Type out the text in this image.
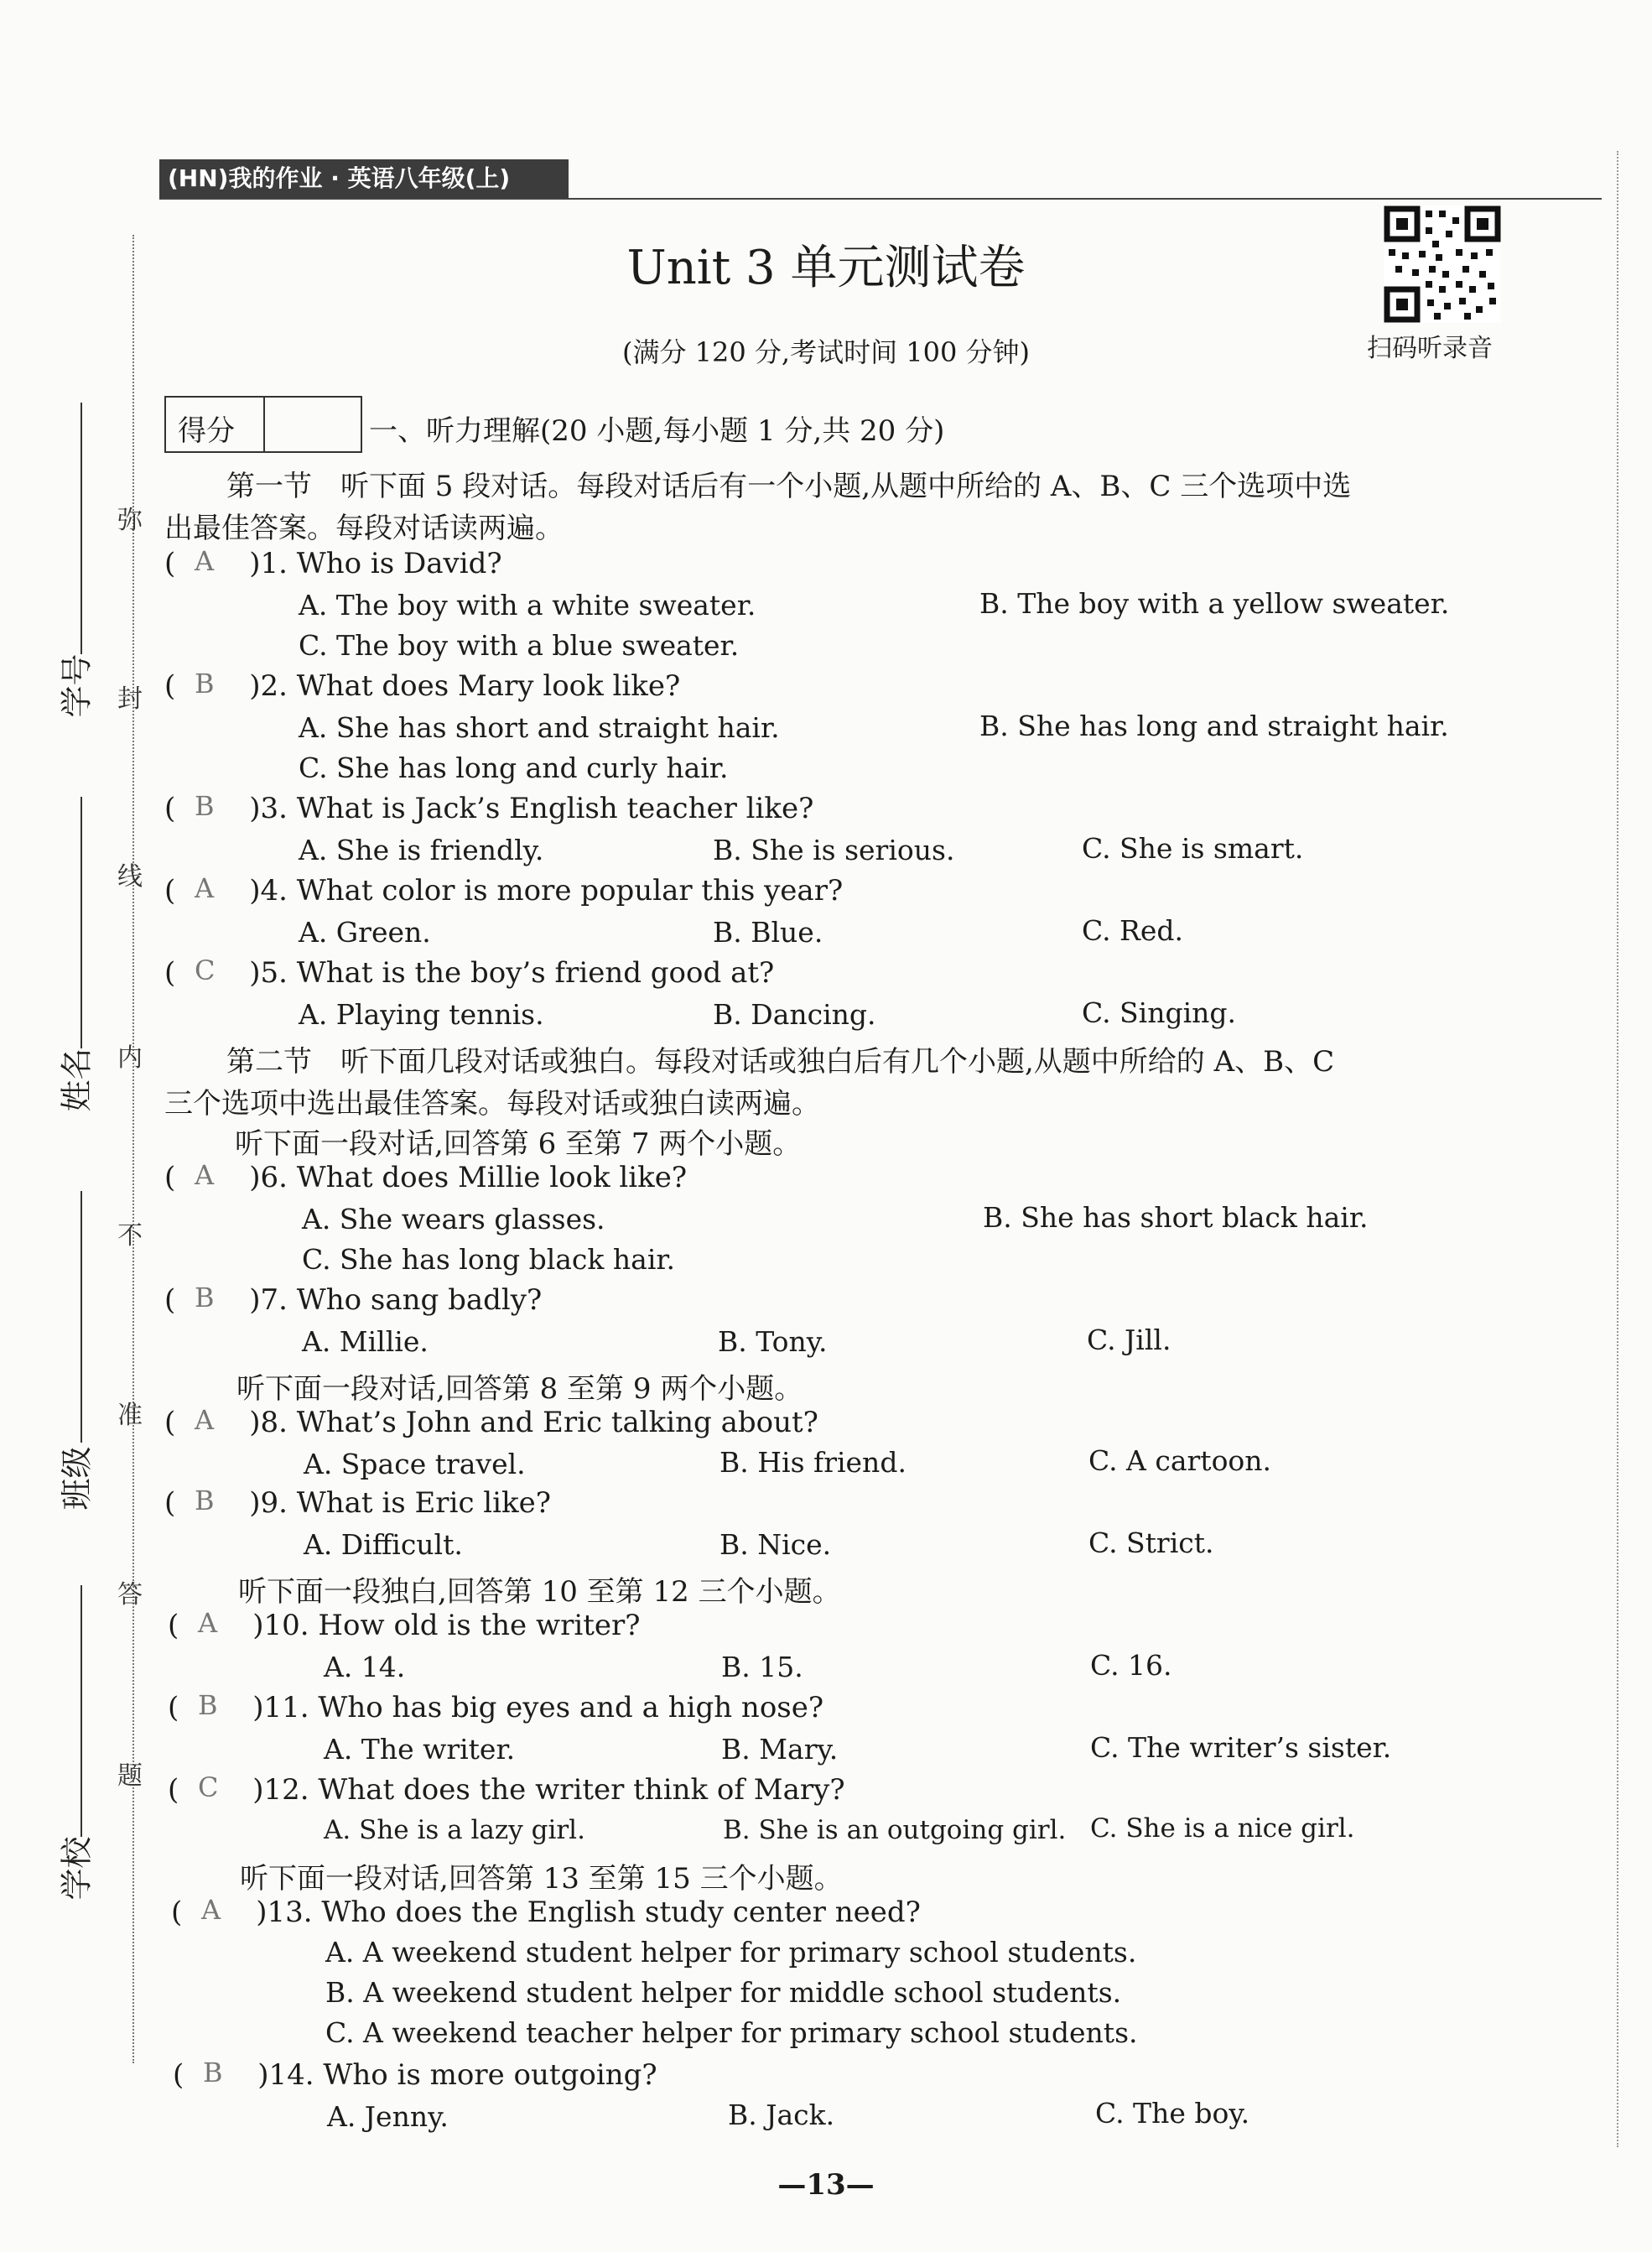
(HN)我的作业 · 英语八年级(上)
弥
封
线
内
不
准
答
题
学号
姓名
班级
学校
Unit 3 单元测试卷
(满分 120 分,考试时间 100 分钟)	扫码听录音
得分	一、听力理解(20 小题,每小题 1 分,共 20 分)
第一节　听下面 5 段对话。每段对话后有一个小题,从题中所给的 A、B、C 三个选项中选
出最佳答案。每段对话读两遍。
( A )1. Who is David?
A. The boy with a white sweater.	B. The boy with a yellow sweater.
C. The boy with a blue sweater.
( B )2. What does Mary look like?
A. She has short and straight hair.	B. She has long and straight hair.
C. She has long and curly hair.
( B )3. What is Jack’s English teacher like?
A. She is friendly.	B. She is serious.	C. She is smart.
( A )4. What color is more popular this year?
A. Green.	B. Blue.	C. Red.
( C )5. What is the boy’s friend good at?
A. Playing tennis.	B. Dancing.	C. Singing.
第二节　听下面几段对话或独白。每段对话或独白后有几个小题,从题中所给的 A、B、C
三个选项中选出最佳答案。每段对话或独白读两遍。
听下面一段对话,回答第 6 至第 7 两个小题。
( A )6. What does Millie look like?
A. She wears glasses.	B. She has short black hair.
C. She has long black hair.
( B )7. Who sang badly?
A. Millie.	B. Tony.	C. Jill.
听下面一段对话,回答第 8 至第 9 两个小题。
( A )8. What’s John and Eric talking about?
A. Space travel.	B. His friend.	C. A cartoon.
( B )9. What is Eric like?
A. Difficult.	B. Nice.	C. Strict.
听下面一段独白,回答第 10 至第 12 三个小题。
( A )10. How old is the writer?
A. 14.	B. 15.	C. 16.
( B )11. Who has big eyes and a high nose?
A. The writer.	B. Mary.	C. The writer’s sister.
( C )12. What does the writer think of Mary?
A. She is a lazy girl.	B. She is an outgoing girl. C. She is a nice girl.
听下面一段对话,回答第 13 至第 15 三个小题。
( A )13. Who does the English study center need?
A. A weekend student helper for primary school students.
B. A weekend student helper for middle school students.
C. A weekend teacher helper for primary school students.
( B )14. Who is more outgoing?
A. Jenny.	B. Jack.	C. The boy.
—13—
